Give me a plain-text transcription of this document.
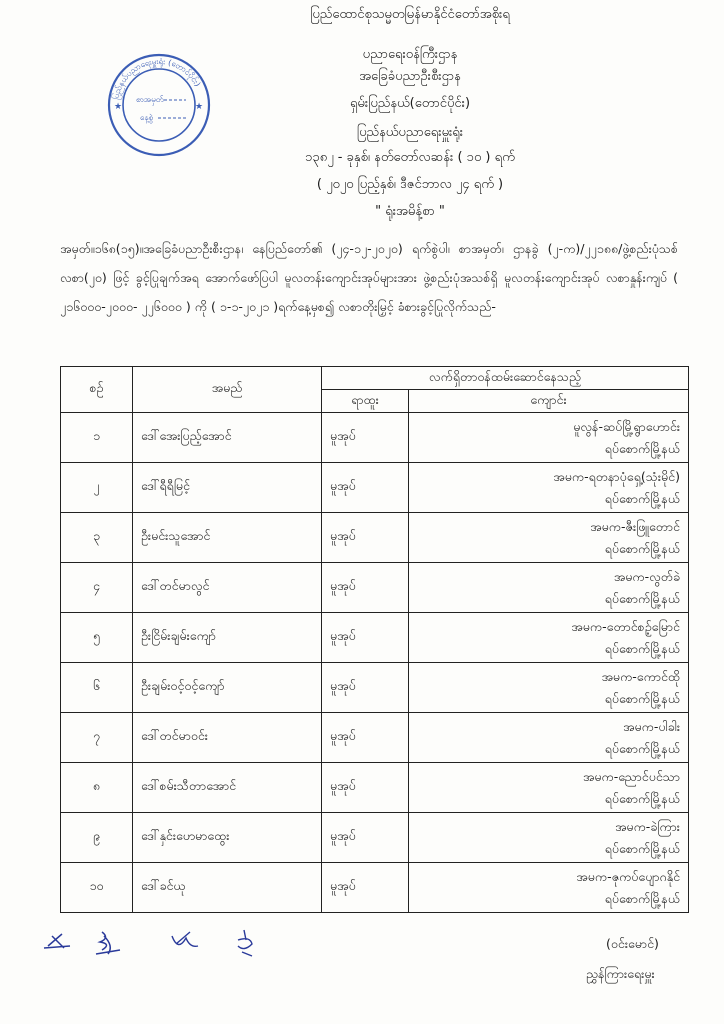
ပြည်ထောင်စုသမ္မတမြန်မာနိုင်ငံတော်အစိုးရ
ပညာရေးဝန်ကြီးဌာန
အခြေခံပညာဦးစီးဌာန
ရှမ်းပြည်နယ်(တောင်ပိုင်း)
ပြည်နယ်ပညာရေးမှူးရုံး
၁၃၈၂ - ခုနှစ်၊ နတ်တော်လဆန်း ( ၁၀ ) ရက်
( ၂၀၂၀ ပြည့်နှစ်၊ ဒီဇင်ဘာလ ၂၄ ရက် )
" ရုံးအမိန့်စာ "
ပြည်နယ်ပညာရေးမှူးရုံး (တောင်ပိုင်း)
စာအမှတ်
နေ့စွဲ
★	★
အမှတ်။၁၆၈(၁၅)။အခြေခံပညာဦးစီးဌာန၊ နေပြည်တော်၏ (၂၄-၁၂-၂၀၂၀) ရက်စွဲပါ၊ စာအမှတ်၊ ဌာနခွဲ (၂-က)/၂၂၁၈၈/ဖွဲ့စည်းပုံသစ်လစာ(၂၀) ဖြင့် ခွင့်ပြုချက်အရ အောက်ဖော်ပြပါ မူလတန်းကျောင်းအုပ်များအား ဖွဲ့စည်းပုံအသစ်ရှိ မူလတန်းကျောင်းအုပ် လစာနှုန်းကျပ် ( ၂၁၆၀၀၀-၂၀၀၀- ၂၂၆၀၀၀ ) ကို ( ၁-၁-၂၀၂၁ )ရက်နေ့မှစ၍ လစာတိုးမြှင့် ခံစားခွင့်ပြုလိုက်သည်-
စဉ်	အမည်	လက်ရှိတာဝန်ထမ်းဆောင်နေသည့်	
		ရာထူး	ကျောင်း
၁	ဒေါ်အေးပြည့်အောင်	မူအုပ်	မူလွန်-ဆပ်မြို့ရွာဟောင်း
ရပ်စောက်မြို့နယ်

၂	ဒေါ်ရီရီမြင့်	မူအုပ်	အမက-ရတနာပုံရှေ့(သုံးမိုင်)
ရပ်စောက်မြို့နယ်

၃	ဦးမင်းသူအောင်	မူအုပ်	အမက-ဇီးဖြူတောင်
ရပ်စောက်မြို့နယ်

၄	ဒေါ်တင်မာလွင်	မူအုပ်	အမက-လွတ်ခဲ
ရပ်စောက်မြို့နယ်

၅	ဦးငြိမ်းချမ်းကျော်	မူအုပ်	အမက-တောင်စဉ့်မြောင်
ရပ်စောက်မြို့နယ်

၆	ဦးချမ်းဝင့်ဝင့်ကျော်	မူအုပ်	အမက-ကောင်ထို
ရပ်စောက်မြို့နယ်

၇	ဒေါ်တင်မာဝင်း	မူအုပ်	အမက-ပါခါး
ရပ်စောက်မြို့နယ်

၈	ဒေါ်စမ်းသီတာအောင်	မူအုပ်	အမက-ညောင်ပင်သာ
ရပ်စောက်မြို့နယ်

၉	ဒေါ်နှင်းဟေမာထွေး	မူအုပ်	အမက-ခဲကြား
ရပ်စောက်မြို့နယ်

၁၀	ဒေါ်ခင်ယု	မူအုပ်	အမက-ဇုကပ်ပျောဂနိုင်
ရပ်စောက်မြို့နယ်
(ဝင်းမောင်)
ညွှန်ကြားရေးမှူး
